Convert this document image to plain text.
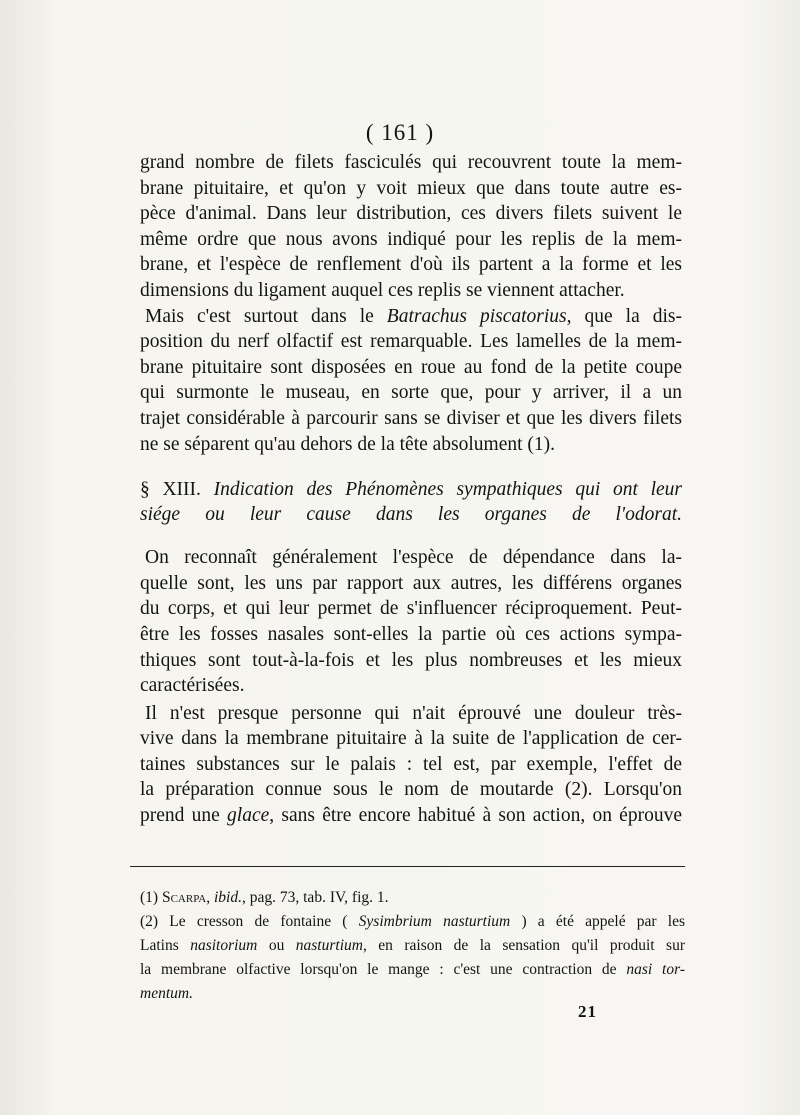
( 161 )

grand nombre de filets fasciculés qui recouvrent toute la mem-
brane pituitaire, et qu'on y voit mieux que dans toute autre es-
pèce d'animal. Dans leur distribution, ces divers filets suivent le
même ordre que nous avons indiqué pour les replis de la mem-
brane, et l'espèce de renflement d'où ils partent a la forme et les
dimensions du ligament auquel ces replis se viennent attacher.

Mais c'est surtout dans le Batrachus piscatorius, que la dis-
position du nerf olfactif est remarquable. Les lamelles de la mem-
brane pituitaire sont disposées en roue au fond de la petite coupe
qui surmonte le museau, en sorte que, pour y arriver, il a un
trajet considérable à parcourir sans se diviser et que les divers filets
ne se séparent qu'au dehors de la tête absolument (1).

§ XIII. Indication des Phénomènes sympathiques qui ont leur
siége ou leur cause dans les organes de l'odorat.

On reconnaît généralement l'espèce de dépendance dans la-
quelle sont, les uns par rapport aux autres, les différens organes
du corps, et qui leur permet de s'influencer réciproquement. Peut-
être les fosses nasales sont-elles la partie où ces actions sympa-
thiques sont tout-à-la-fois et les plus nombreuses et les mieux
caractérisées.

Il n'est presque personne qui n'ait éprouvé une douleur très-
vive dans la membrane pituitaire à la suite de l'application de cer-
taines substances sur le palais : tel est, par exemple, l'effet de
la préparation connue sous le nom de moutarde (2). Lorsqu'on
prend une glace, sans être encore habitué à son action, on éprouve

(1) Scarpa, ibid., pag. 73, tab. IV, fig. 1.

(2) Le cresson de fontaine ( Sysimbrium nasturtium ) a été appelé par les
Latins nasitorium ou nasturtium, en raison de la sensation qu'il produit sur
la membrane olfactive lorsqu'on le mange : c'est une contraction de nasi tor-
mentum.

21
